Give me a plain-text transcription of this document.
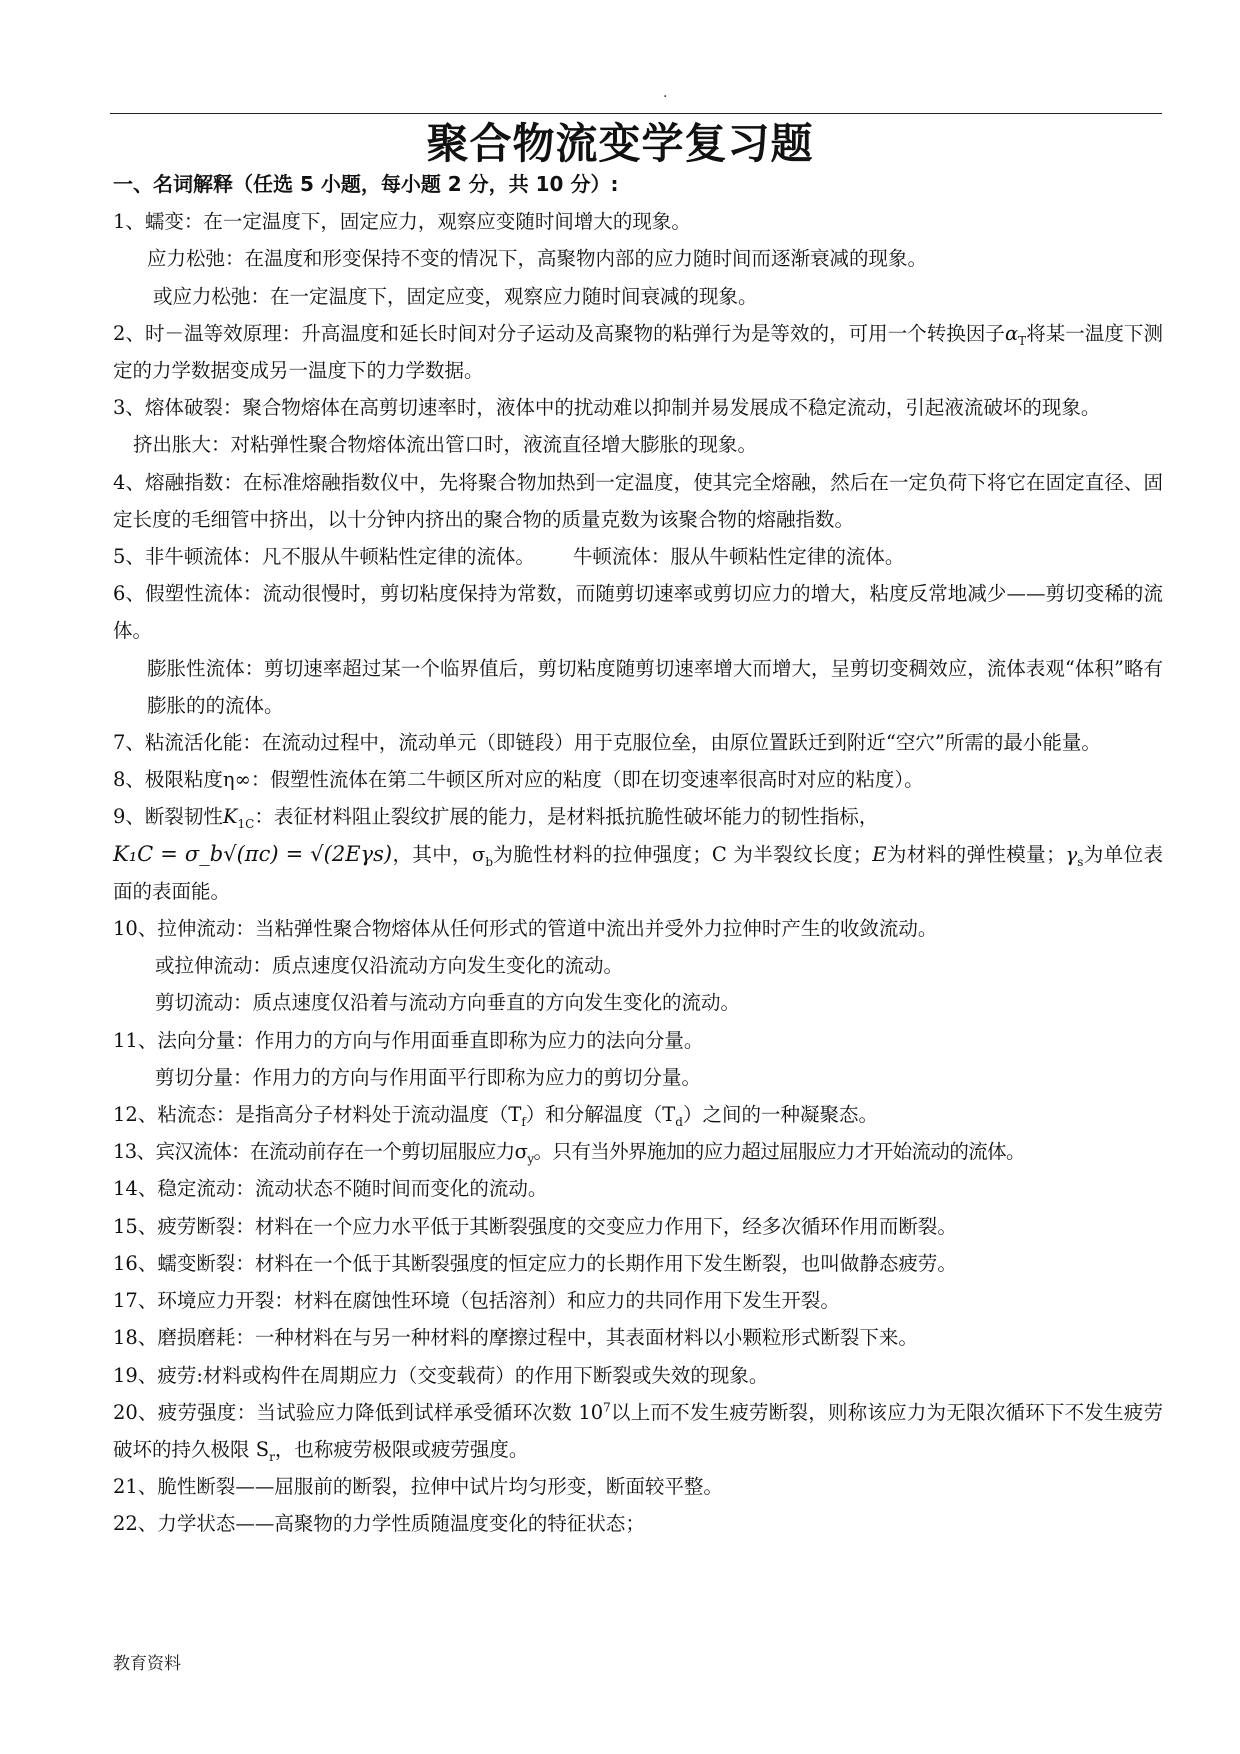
.
聚合物流变学复习题

一、名词解释（任选 5 小题，每小题 2 分，共 10 分）:

1、蠕变：在一定温度下，固定应力，观察应变随时间增大的现象。

应力松弛：在温度和形变保持不变的情况下，高聚物内部的应力随时间而逐渐衰减的现象。

或应力松弛：在一定温度下，固定应变，观察应力随时间衰减的现象。

2、时－温等效原理：升高温度和延长时间对分子运动及高聚物的粘弹行为是等效的，可用一个转换因子$\alpha_T$将某一温度下测定的力学数据变成另一温度下的力学数据。

3、熔体破裂：聚合物熔体在高剪切速率时，液体中的扰动难以抑制并易发展成不稳定流动，引起液流破坏的现象。

挤出胀大：对粘弹性聚合物熔体流出管口时，液流直径增大膨胀的现象。

4、熔融指数：在标准熔融指数仪中，先将聚合物加热到一定温度，使其完全熔融，然后在一定负荷下将它在固定直径、固定长度的毛细管中挤出，以十分钟内挤出的聚合物的质量克数为该聚合物的熔融指数。

5、非牛顿流体：凡不服从牛顿粘性定律的流体。 牛顿流体：服从牛顿粘性定律的流体。

6、假塑性流体：流动很慢时，剪切粘度保持为常数，而随剪切速率或剪切应力的增大，粘度反常地减少——剪切变稀的流体。

膨胀性流体：剪切速率超过某一个临界值后，剪切粘度随剪切速率增大而增大，呈剪切变稠效应，流体表观“体积”略有膨胀的的流体。

7、粘流活化能：在流动过程中，流动单元（即链段）用于克服位垒，由原位置跃迁到附近“空穴”所需的最小能量。

8、极限粘度η∞：假塑性流体在第二牛顿区所对应的粘度（即在切变速率很高时对应的粘度）。

9、断裂韧性$K_{1C}$：表征材料阻止裂纹扩展的能力，是材料抵抗脆性破坏能力的韧性指标，
K₁C = σ_b√(πc) = √(2Eγs)，其中，$\sigma_b$为脆性材料的拉伸强度；C 为半裂纹长度；E为材料的弹性模量；$\gamma_s$为单位表面的表面能。

10、拉伸流动：当粘弹性聚合物熔体从任何形式的管道中流出并受外力拉伸时产生的收敛流动。

或拉伸流动：质点速度仅沿流动方向发生变化的流动。

剪切流动：质点速度仅沿着与流动方向垂直的方向发生变化的流动。

11、法向分量：作用力的方向与作用面垂直即称为应力的法向分量。

剪切分量：作用力的方向与作用面平行即称为应力的剪切分量。

12、粘流态：是指高分子材料处于流动温度$(T_f)$和分解温度$(T_d)$之间的一种凝聚态。

13、宾汉流体：在流动前存在一个剪切屈服应力$\sigma_y$。只有当外界施加的应力超过屈服应力才开始流动的流体。

14、稳定流动：流动状态不随时间而变化的流动。

15、疲劳断裂：材料在一个应力水平低于其断裂强度的交变应力作用下，经多次循环作用而断裂。

16、蠕变断裂：材料在一个低于其断裂强度的恒定应力的长期作用下发生断裂，也叫做静态疲劳。

17、环境应力开裂：材料在腐蚀性环境（包括溶剂）和应力的共同作用下发生开裂。

18、磨损磨耗：一种材料在与另一种材料的摩擦过程中，其表面材料以小颗粒形式断裂下来。

19、疲劳:材料或构件在周期应力（交变载荷）的作用下断裂或失效的现象。

20、疲劳强度：当试验应力降低到试样承受循环次数 $10^7$以上而不发生疲劳断裂，则称该应力为无限次循环下不发生疲劳破坏的持久极限 $S_r$，也称疲劳极限或疲劳强度。

21、脆性断裂——屈服前的断裂，拉伸中试片均匀形变，断面较平整。

22、力学状态——高聚物的力学性质随温度变化的特征状态；

教育资料
